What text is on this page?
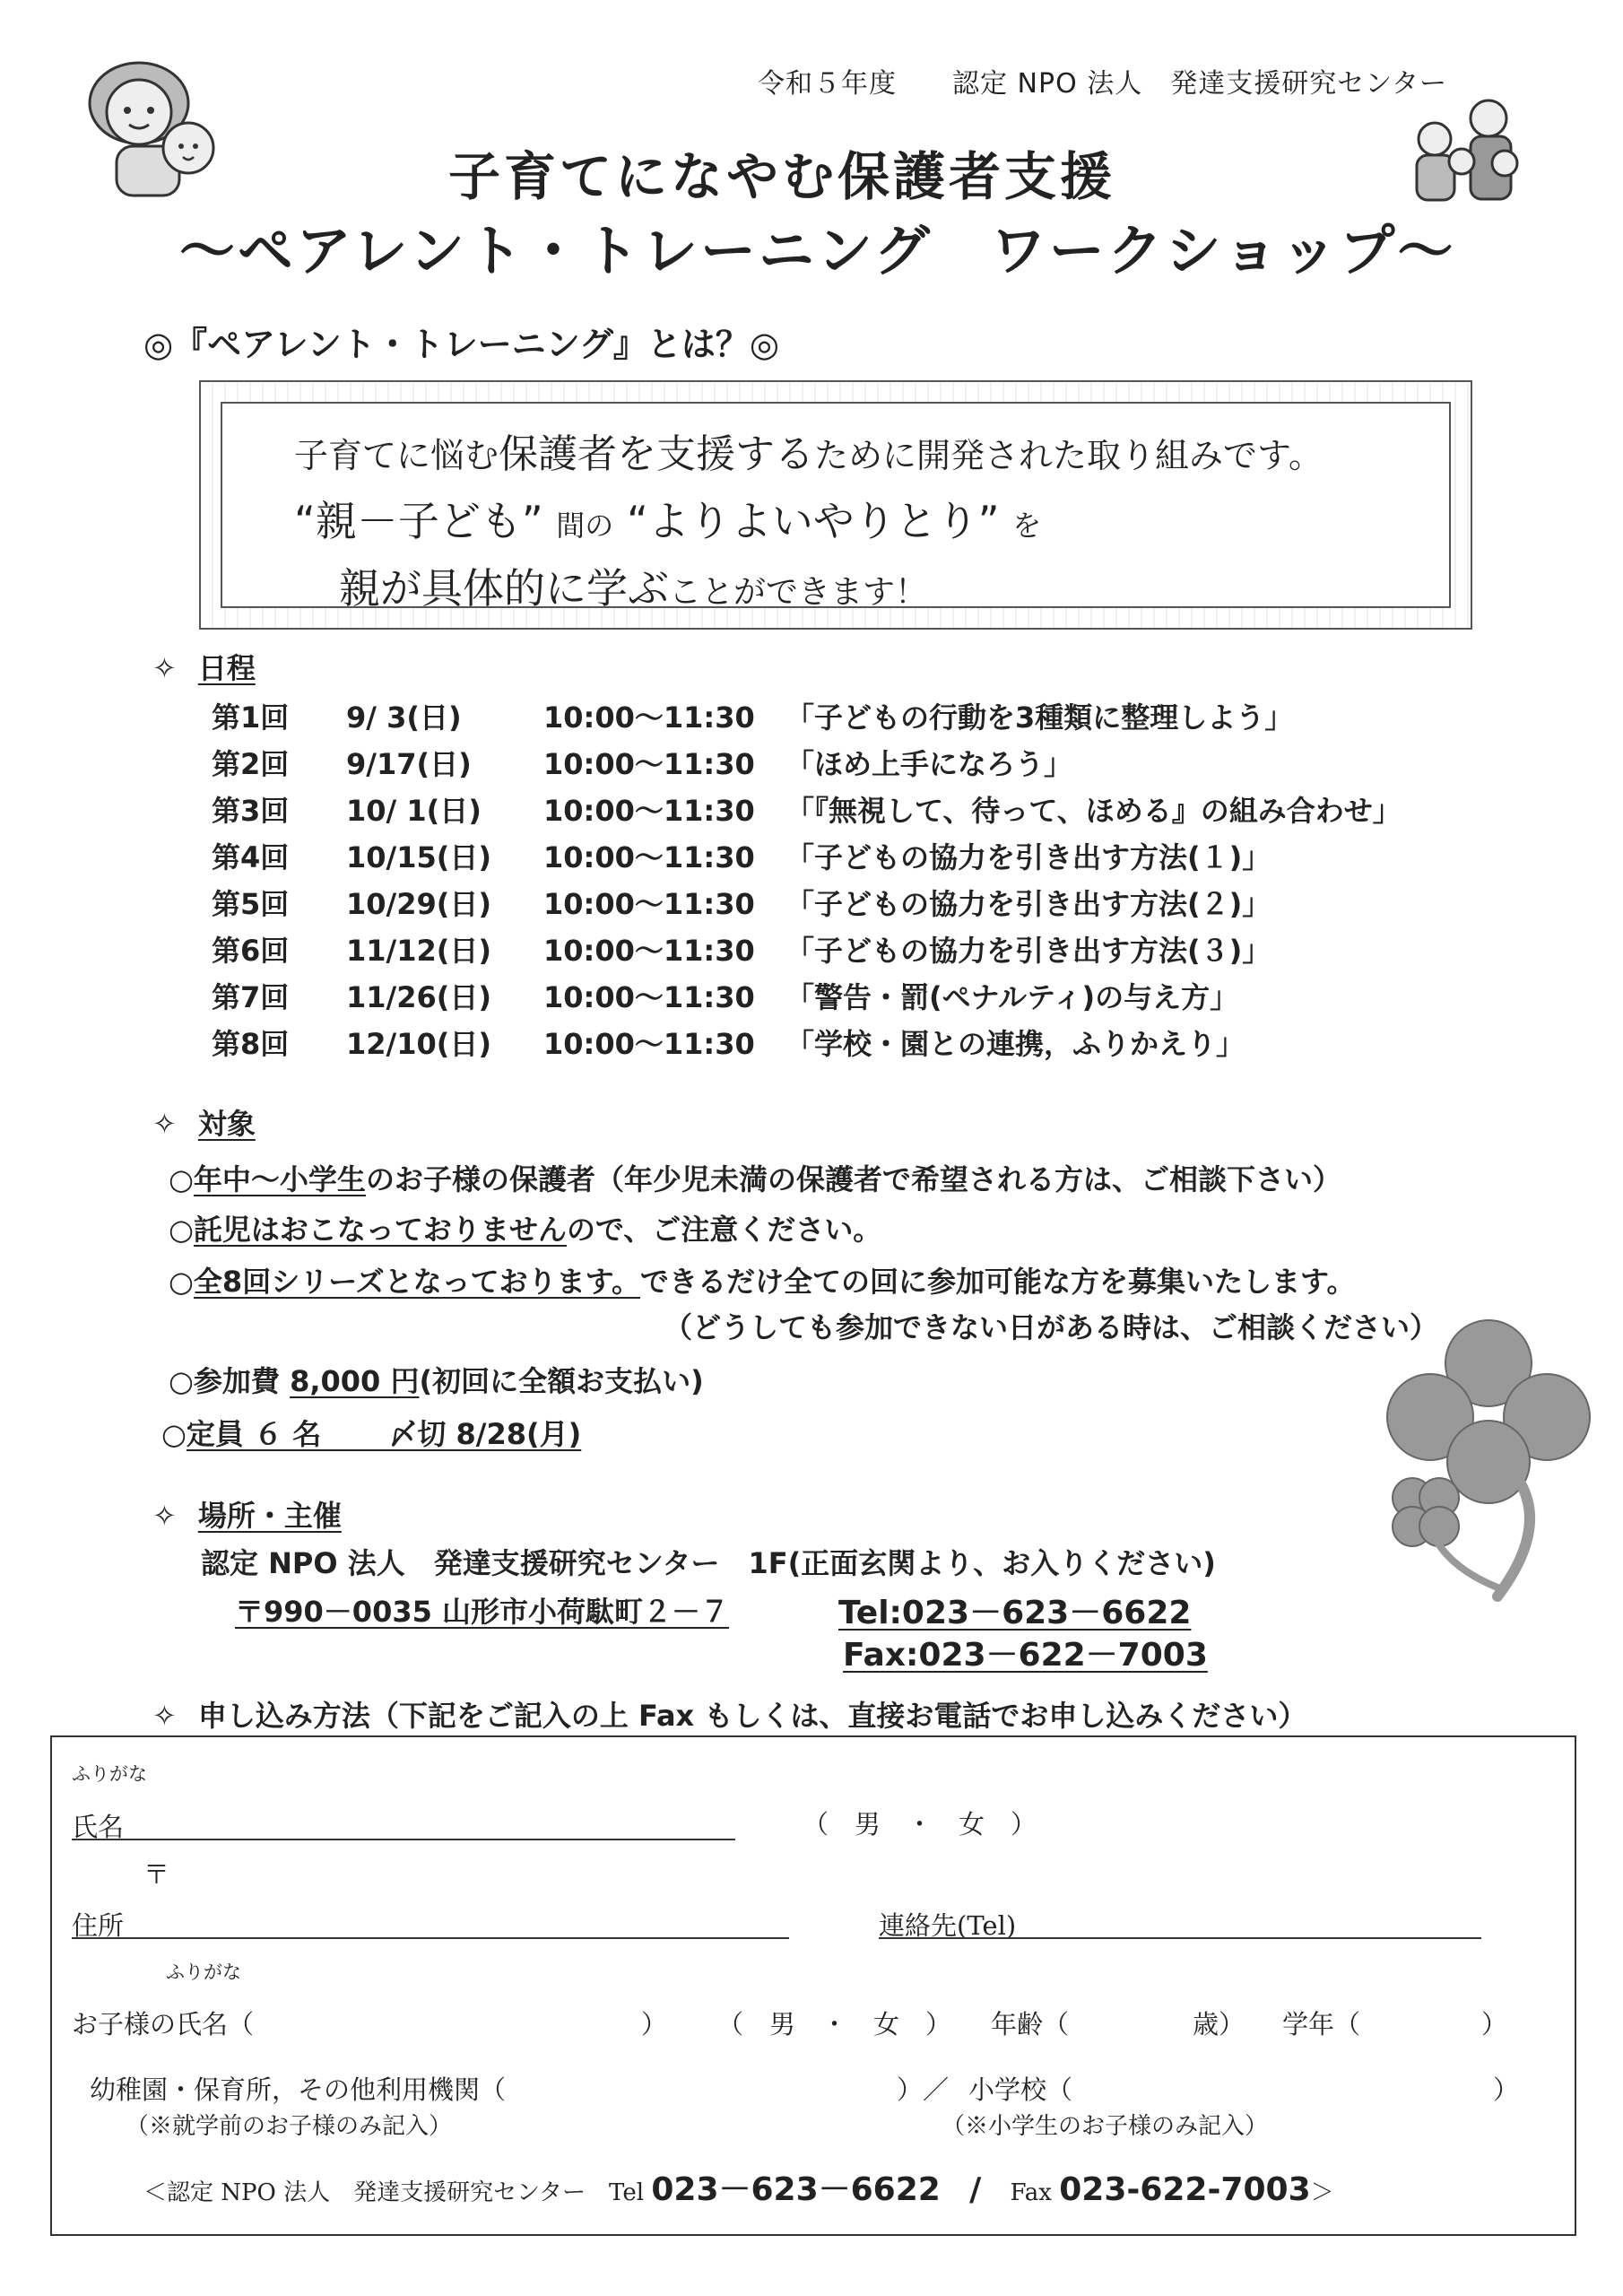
令和５年度　　 認定 NPO 法人　発達支援研究センター
子育てになやむ保護者支援
～ペアレント・トレーニング　ワークショップ～
◎『ペアレント・トレーニング』とは？◎
子育てに悩む保護者を支援するために開発された取り組みです。
“親－子ども” 間の “よりよいやりとり” を
親が具体的に学ぶことができます！
✧ 日程
第1回 9/ 3(日)	10:00～11:30 「子どもの行動を3種類に整理しよう」
第2回 9/17(日)	10:00～11:30 「ほめ上手になろう」
第3回 10/ 1(日) 10:00～11:30 「『無視して、待って、ほめる』の組み合わせ」
第4回 10/15(日) 10:00～11:30 「子どもの協力を引き出す方法(１)」
第5回 10/29(日) 10:00～11:30 「子どもの協力を引き出す方法(２)」
第6回 11/12(日) 10:00～11:30 「子どもの協力を引き出す方法(３)」
第7回 11/26(日) 10:00～11:30 「警告・罰(ペナルティ)の与え方」
第8回 12/10(日) 10:00～11:30 「学校・園との連携，ふりかえり」
✧ 対象
○年中～小学生のお子様の保護者（年少児未満の保護者で希望される方は、ご相談下さい）
○託児はおこなっておりませんので、ご注意ください。
○全8回シリーズとなっております。できるだけ全ての回に参加可能な方を募集いたします。
（どうしても参加できない日がある時は、ご相談ください）
○参加費 8,000 円(初回に全額お支払い)
○定員 ６ 名　　 〆切 8/28(月)
✧ 場所・主催
認定 NPO 法人　発達支援研究センター　1F(正面玄関より、お入りください)
〒990－0035 山形市小荷駄町２－７	Tel:023－623－6622
Fax:023－622－7003
✧ 申し込み方法（下記をご記入の上 Fax もしくは、直接お電話でお申し込みください）
ふりがな
氏名	（　男　・　女　）
〒
住所	連絡先(Tel)
ふりがな
お子様の氏名（	） （　男　・　女　） 年齢（	歳） 学年（	）
幼稚園・保育所，その他利用機関（	）／
（※就学前のお子様のみ記入）
小学校（	）
（※小学生のお子様のみ記入）
＜認定 NPO 法人　発達支援研究センター　Tel 023－623－6622 / Fax 023-622-7003＞
